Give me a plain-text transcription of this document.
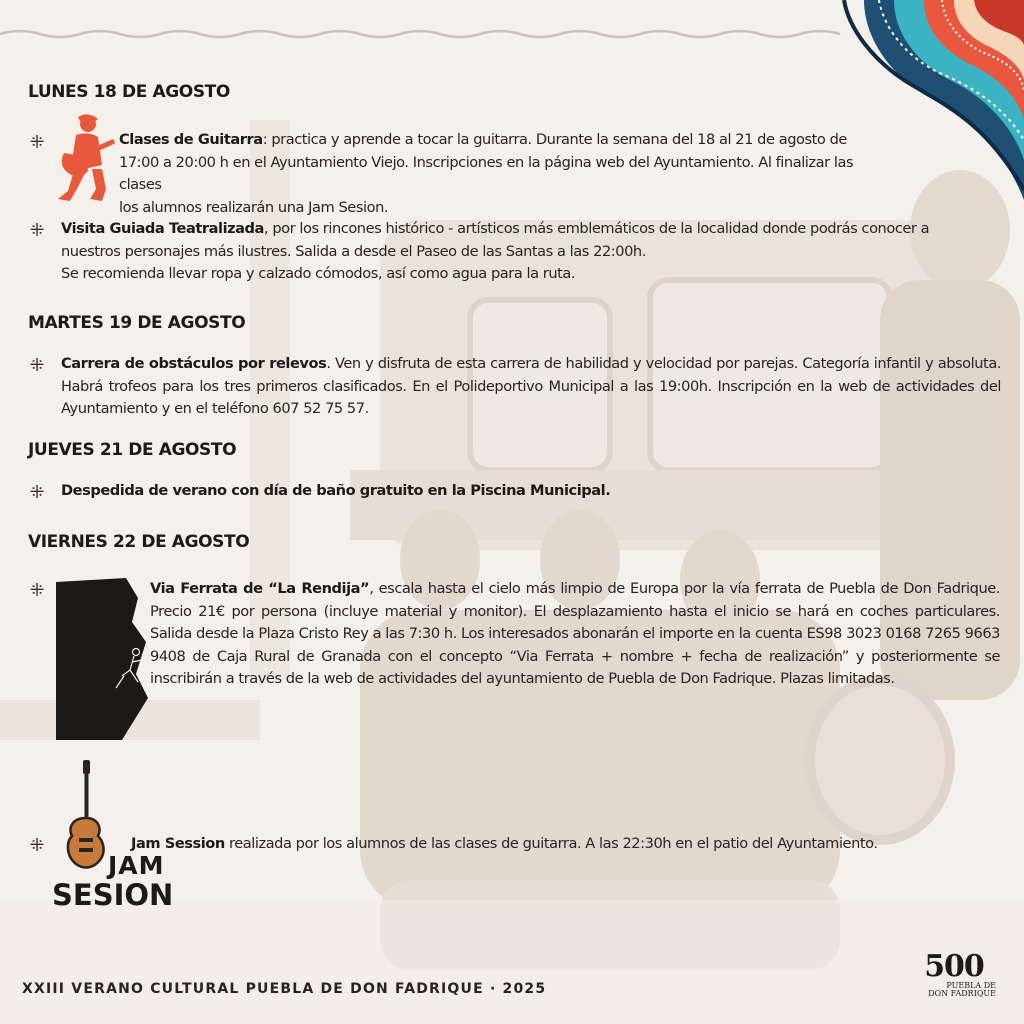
LUNES 18 DE AGOSTO
⁜	Clases de Guitarra: practica y aprende a tocar la guitarra. Durante la semana del 18 al 21 de agosto de
17:00 a 20:00 h en el Ayuntamiento Viejo. Inscripciones en la página web del Ayuntamiento. Al finalizar las clases
los alumnos realizarán una Jam Sesion.

⁜ Visita Guiada Teatralizada, por los rincones histórico - artísticos más emblemáticos de la localidad donde podrás conocer a
nuestros personajes más ilustres. Salida a desde el Paseo de las Santas a las 22:00h.
Se recomienda llevar ropa y calzado cómodos, así como agua para la ruta.

MARTES 19 DE AGOSTO
⁜ Carrera de obstáculos por relevos. Ven y disfruta de esta carrera de habilidad y velocidad por parejas. Categoría infantil y absoluta. Habrá trofeos para los tres primeros clasificados. En el Polideportivo Municipal a las 19:00h. Inscripción en la web de actividades del Ayuntamiento y en el teléfono 607 52 75 57.

JUEVES 21 DE AGOSTO
⁜ Despedida de verano con día de baño gratuito en la Piscina Municipal.

VIERNES 22 DE AGOSTO
⁜	Via Ferrata de “La Rendija”, escala hasta el cielo más limpio de Europa por la vía ferrata de Puebla de Don Fadrique. Precio 21€ por persona (incluye material y monitor). El desplazamiento hasta el inicio se hará en coches particulares. Salida desde la Plaza Cristo Rey a las 7:30 h. Los interesados abonarán el importe en la cuenta ES98 3023 0168 7265 9663 9408 de Caja Rural de Granada con el concepto “Via Ferrata + nombre + fecha de realización” y posteriormente se inscribirán a través de la web de actividades del ayuntamiento de Puebla de Don Fadrique. Plazas limitadas.

JAM
SESION
⁜	Jam Session realizada por los alumnos de las clases de guitarra. A las 22:30h en el patio del Ayuntamiento.

XXIII VERANO CULTURAL PUEBLA DE DON FADRIQUE · 2025

500
PUEBLA DE
DON FADRIQUE
